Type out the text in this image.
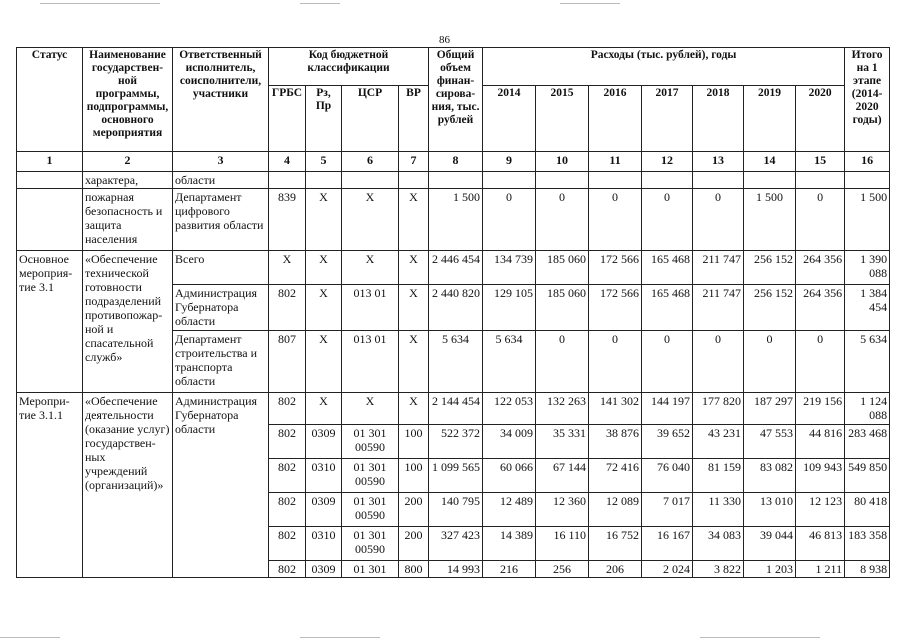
86
Статус	Наименование государствен-ной программы, подпрограммы, основного мероприятия	Ответственный исполнитель, соисполнители, участники	Код бюджетной классификации				Общий объем финан-сирова-ния, тыс. рублей	Расходы (тыс. рублей), годы							Итого на 1 этапе (2014-2020 годы)
			ГРБС	Рз, Пр	ЦСР	ВР		2014	2015	2016	2017	2018	2019	2020	
1	2	3	4	5	6	7	8	9	10	11	12	13	14	15	16
	характера,	области													
	пожарная безопасность и защита населения	Департамент цифрового развития области	839	Х	Х	Х	1 500	0	0	0	0	0	1 500	0	1 500
Основное мероприя-тие 3.1	«Обеспечение технической готовности подразделений противопожар-ной и спасательной служб»	Всего	Х	Х	Х	Х	2 446 454	134 739	185 060	172 566	165 468	211 747	256 152	264 356	1 390 088
		Администрация Губернатора области	802	Х	013 01	Х	2 440 820	129 105	185 060	172 566	165 468	211 747	256 152	264 356	1 384 454
		Департамент строительства и транспорта области	807	Х	013 01	Х	5 634	5 634	0	0	0	0	0	0	5 634
Меропри-тие 3.1.1	«Обеспечение деятельности (оказание услуг) государствен-ных учреждений (организаций)»	Администрация Губернатора области	802	Х	Х	Х	2 144 454	122 053	132 263	141 302	144 197	177 820	187 297	219 156	1 124 088
			802	0309	01 301 00590	100	522 372	34 009	35 331	38 876	39 652	43 231	47 553	44 816	283 468
			802	0310	01 301 00590	100	1 099 565	60 066	67 144	72 416	76 040	81 159	83 082	109 943	549 850
			802	0309	01 301 00590	200	140 795	12 489	12 360	12 089	7 017	11 330	13 010	12 123	80 418
			802	0310	01 301 00590	200	327 423	14 389	16 110	16 752	16 167	34 083	39 044	46 813	183 358
			802	0309	01 301	800	14 993	216	256	206	2 024	3 822	1 203	1 211	8 938
